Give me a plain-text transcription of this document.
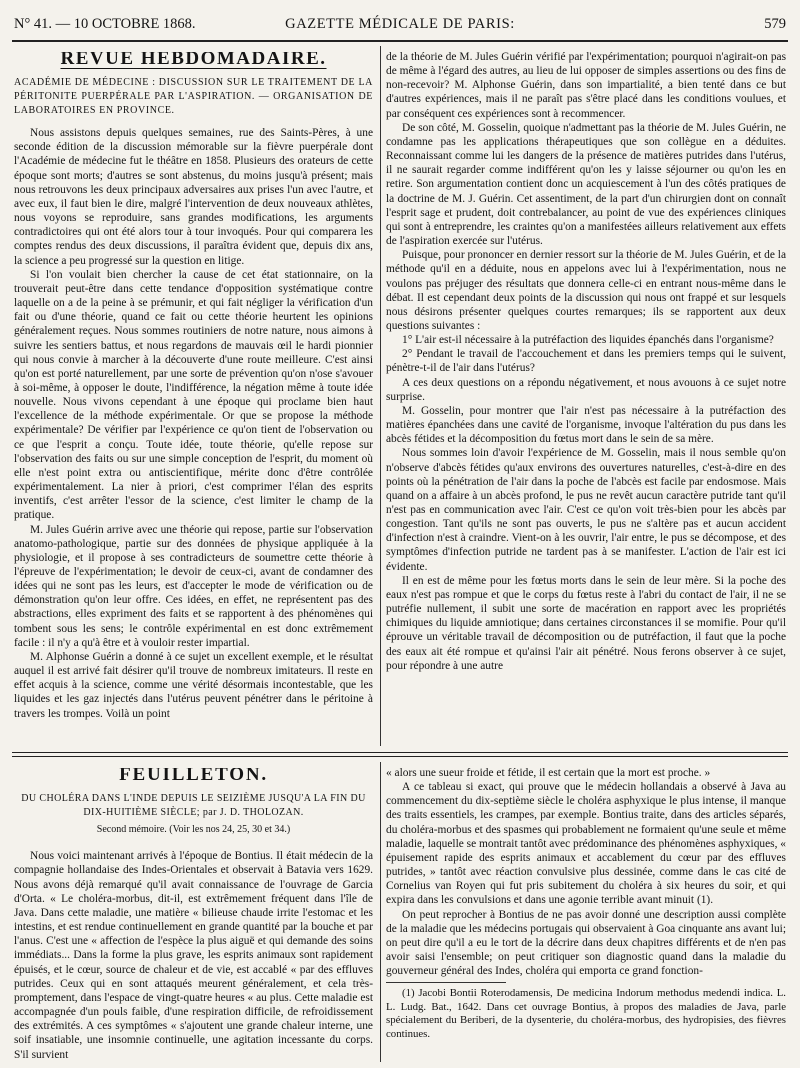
N° 41. — 10 OCTOBRE 1868.	GAZETTE MÉDICALE DE PARIS:	579
REVUE HEBDOMADAIRE.
ACADÉMIE DE MÉDECINE : DISCUSSION SUR LE TRAITEMENT DE LA PÉRITONITE PUERPÉRALE PAR L'ASPIRATION. — ORGANISATION DE LABORATOIRES EN PROVINCE.

Nous assistons depuis quelques semaines, rue des Saints-Pères, à une seconde édition de la discussion mémorable sur la fièvre puerpérale dont l'Académie de médecine fut le théâtre en 1858. Plusieurs des orateurs de cette époque sont morts; d'autres se sont abstenus, du moins jusqu'à présent; mais nous retrouvons les deux principaux adversaires aux prises l'un avec l'autre, et avec eux, il faut bien le dire, malgré l'intervention de deux nouveaux athlètes, nous voyons se reproduire, sans grandes modifications, les arguments contradictoires qui ont été alors tour à tour invoqués. Pour qui comparera les comptes rendus des deux discussions, il paraîtra évident que, depuis dix ans, la science a peu progressé sur la question en litige.

Si l'on voulait bien chercher la cause de cet état stationnaire, on la trouverait peut-être dans cette tendance d'opposition systématique contre laquelle on a de la peine à se prémunir, et qui fait négliger la vérification d'un fait ou d'une théorie, quand ce fait ou cette théorie heurtent les opinions généralement reçues. Nous sommes routiniers de notre nature, nous aimons à suivre les sentiers battus, et nous regardons de mauvais œil le hardi pionnier qui nous convie à marcher à la découverte d'une route meilleure. C'est ainsi qu'on est porté naturellement, par une sorte de prévention qu'on n'ose s'avouer à soi-même, à opposer le doute, l'indifférence, la négation même à toute idée nouvelle. Nous vivons cependant à une époque qui proclame bien haut l'excellence de la méthode expérimentale. Or que se propose la méthode expérimentale? De vérifier par l'expérience ce qu'on tient de l'observation ou ce que l'esprit a conçu. Toute idée, toute théorie, qu'elle repose sur l'observation des faits ou sur une simple conception de l'esprit, du moment où elle n'est point extra ou antiscientifique, mérite donc d'être contrôlée expérimentalement. La nier à priori, c'est comprimer l'élan des esprits inventifs, c'est arrêter l'essor de la science, c'est limiter le champ de la pratique.

M. Jules Guérin arrive avec une théorie qui repose, partie sur l'observation anatomo-pathologique, partie sur des données de physique appliquée à la physiologie, et il propose à ses contradicteurs de soumettre cette théorie à l'épreuve de l'expérimentation; le devoir de ceux-ci, avant de condamner des idées qui ne sont pas les leurs, est d'accepter le mode de vérification ou de démonstration qu'on leur offre. Ces idées, en effet, ne représentent pas des abstractions, elles expriment des faits et se rapportent à des phénomènes qui tombent sous les sens; le contrôle expérimental en est donc extrêmement facile : il n'y a qu'à être et à vouloir rester impartial.

M. Alphonse Guérin a donné à ce sujet un excellent exemple, et le résultat auquel il est arrivé fait désirer qu'il trouve de nombreux imitateurs. Il reste en effet acquis à la science, comme une vérité désormais incontestable, que les liquides et les gaz injectés dans l'utérus peuvent pénétrer dans le péritoine à travers les trompes. Voilà un point

de la théorie de M. Jules Guérin vérifié par l'expérimentation; pourquoi n'agirait-on pas de même à l'égard des autres, au lieu de lui opposer de simples assertions ou des fins de non-recevoir? M. Alphonse Guérin, dans son impartialité, a bien tenté dans ce but d'autres expériences, mais il ne paraît pas s'être placé dans les conditions voulues, et par conséquent ces expériences sont à recommencer.

De son côté, M. Gosselin, quoique n'admettant pas la théorie de M. Jules Guérin, ne condamne pas les applications thérapeutiques que son collègue en a déduites. Reconnaissant comme lui les dangers de la présence de matières putrides dans l'utérus, il ne saurait regarder comme indifférent qu'on les y laisse séjourner ou qu'on les en retire. Son argumentation contient donc un acquiescement à l'un des côtés pratiques de la doctrine de M. J. Guérin. Cet assentiment, de la part d'un chirurgien dont on connaît l'esprit sage et prudent, doit contrebalancer, au point de vue des expériences cliniques qui sont à entreprendre, les craintes qu'on a manifestées ailleurs relativement aux effets de l'aspiration exercée sur l'utérus.

Puisque, pour prononcer en dernier ressort sur la théorie de M. Jules Guérin, et de la méthode qu'il en a déduite, nous en appelons avec lui à l'expérimentation, nous ne voulons pas préjuger des résultats que donnera celle-ci en entrant nous-même dans le débat. Il est cependant deux points de la discussion qui nous ont frappé et sur lesquels nous désirons présenter quelques courtes remarques; ils se rapportent aux deux questions suivantes :

1° L'air est-il nécessaire à la putréfaction des liquides épanchés dans l'organisme?

2° Pendant le travail de l'accouchement et dans les premiers temps qui le suivent, pénètre-t-il de l'air dans l'utérus?

A ces deux questions on a répondu négativement, et nous avouons à ce sujet notre surprise.

M. Gosselin, pour montrer que l'air n'est pas nécessaire à la putréfaction des matières épanchées dans une cavité de l'organisme, invoque l'altération du pus dans les abcès fétides et la décomposition du fœtus mort dans le sein de sa mère.

Nous sommes loin d'avoir l'expérience de M. Gosselin, mais il nous semble qu'on n'observe d'abcès fétides qu'aux environs des ouvertures naturelles, c'est-à-dire en des points où la pénétration de l'air dans la poche de l'abcès est facile par endosmose. Mais quand on a affaire à un abcès profond, le pus ne revêt aucun caractère putride tant qu'il n'est pas en communication avec l'air. C'est ce qu'on voit très-bien pour les abcès par congestion. Tant qu'ils ne sont pas ouverts, le pus ne s'altère pas et aucun accident d'infection n'est à craindre. Vient-on à les ouvrir, l'air entre, le pus se décompose, et des symptômes d'infection putride ne tardent pas à se manifester. L'action de l'air est ici évidente.

Il en est de même pour les fœtus morts dans le sein de leur mère. Si la poche des eaux n'est pas rompue et que le corps du fœtus reste à l'abri du contact de l'air, il ne se putréfie nullement, il subit une sorte de macération en rapport avec les propriétés chimiques du liquide amniotique; dans certaines circonstances il se momifie. Pour qu'il éprouve un véritable travail de décomposition ou de putréfaction, il faut que la poche des eaux ait été rompue et qu'ainsi l'air ait pénétré. Nous ferons observer à ce sujet, pour répondre à une autre

FEUILLETON.
DU CHOLÉRA DANS L'INDE DEPUIS LE SEIZIÈME JUSQU'A LA FIN DU DIX-HUITIÈME SIÈCLE; par J. D. THOLOZAN.
Second mémoire. (Voir les nos 24, 25, 30 et 34.)

Nous voici maintenant arrivés à l'époque de Bontius. Il était médecin de la compagnie hollandaise des Indes-Orientales et observait à Batavia vers 1629. Nous avons déjà remarqué qu'il avait connaissance de l'ouvrage de Garcia d'Orta. « Le choléra-morbus, dit-il, est extrêmement fréquent dans l'île de Java. Dans cette maladie, une matière « bilieuse chaude irrite l'estomac et les intestins, et est rendue continuellement en grande quantité par la bouche et par l'anus. C'est une « affection de l'espèce la plus aiguë et qui demande des soins immédiats... Dans la forme la plus grave, les esprits animaux sont rapidement épuisés, et le cœur, source de chaleur et de vie, est accablé « par des effluves putrides. Ceux qui en sont attaqués meurent généralement, et cela très-promptement, dans l'espace de vingt-quatre heures « au plus. Cette maladie est accompagnée d'un pouls faible, d'une respiration difficile, de refroidissement des extrémités. A ces symptômes « s'ajoutent une grande chaleur interne, une soif insatiable, une insomnie continuelle, une agitation incessante du corps. S'il survient

« alors une sueur froide et fétide, il est certain que la mort est proche. »

A ce tableau si exact, qui prouve que le médecin hollandais a observé à Java au commencement du dix-septième siècle le choléra asphyxique le plus intense, il manque des traits essentiels, les crampes, par exemple. Bontius traite, dans des articles séparés, du choléra-morbus et des spasmes qui probablement ne formaient qu'une seule et même maladie, laquelle se montrait tantôt avec prédominance des phénomènes asphyxiques, « épuisement rapide des esprits animaux et accablement du cœur par des effluves putrides, » tantôt avec réaction convulsive plus dessinée, comme dans le cas cité de Cornelius van Royen qui fut pris subitement du choléra à six heures du soir, et qui expira dans les convulsions et dans une agonie terrible avant minuit (1).

On peut reprocher à Bontius de ne pas avoir donné une description aussi complète de la maladie que les médecins portugais qui observaient à Goa cinquante ans avant lui; on peut dire qu'il a eu le tort de la décrire dans deux chapitres différents et de n'en pas avoir saisi l'ensemble; on peut critiquer son diagnostic quand dans la maladie du gouverneur général des Indes, choléra qui emporta ce grand fonction-

(1) Jacobi Bontii Roterodamensis, De medicina Indorum methodus medendi indica. L. L. Ludg. Bat., 1642. Dans cet ouvrage Bontius, à propos des maladies de Java, parle spécialement du Beriberi, de la dysenterie, du choléra-morbus, des hydropisies, des fièvres continues.
